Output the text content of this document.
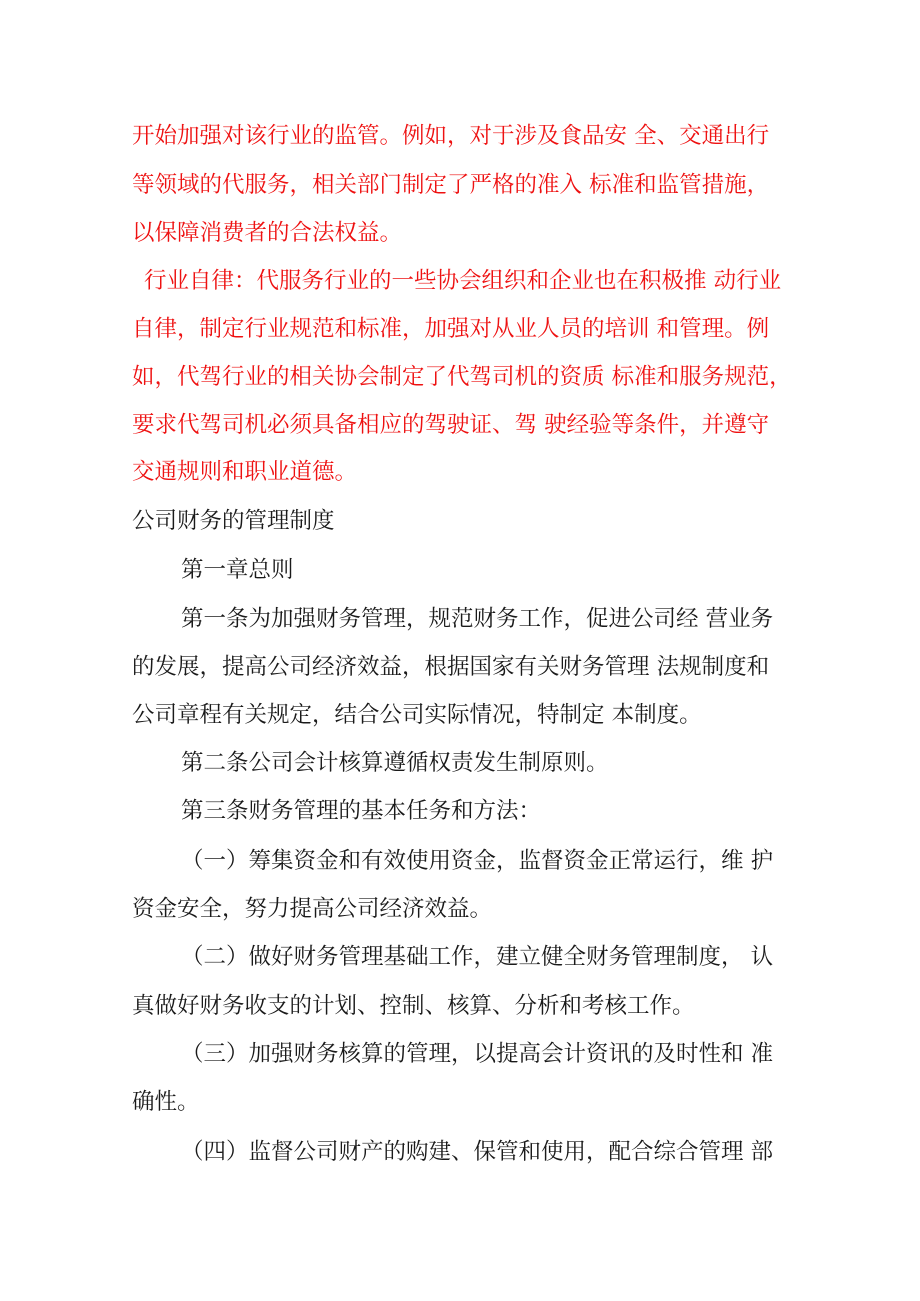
开始加强对该行业的监管。例如，对于涉及食品安 全、交通出行

等领域的代服务，相关部门制定了严格的准入 标准和监管措施，

以保障消费者的合法权益。

行业自律：代服务行业的一些协会组织和企业也在积极推 动行业

自律，制定行业规范和标准，加强对从业人员的培训 和管理。例

如，代驾行业的相关协会制定了代驾司机的资质 标准和服务规范，

要求代驾司机必须具备相应的驾驶证、驾 驶经验等条件，并遵守

交通规则和职业道德。

公司财务的管理制度

第一章总则

第一条为加强财务管理，规范财务工作，促进公司经 营业务

的发展，提高公司经济效益，根据国家有关财务管理 法规制度和

公司章程有关规定，结合公司实际情况，特制定 本制度。

第二条公司会计核算遵循权责发生制原则。

第三条财务管理的基本任务和方法：

（一）筹集资金和有效使用资金，监督资金正常运行，维 护

资金安全，努力提高公司经济效益。

（二）做好财务管理基础工作，建立健全财务管理制度， 认

真做好财务收支的计划、控制、核算、分析和考核工作。

（三）加强财务核算的管理，以提高会计资讯的及时性和 准

确性。

（四）监督公司财产的购建、保管和使用，配合综合管理 部
